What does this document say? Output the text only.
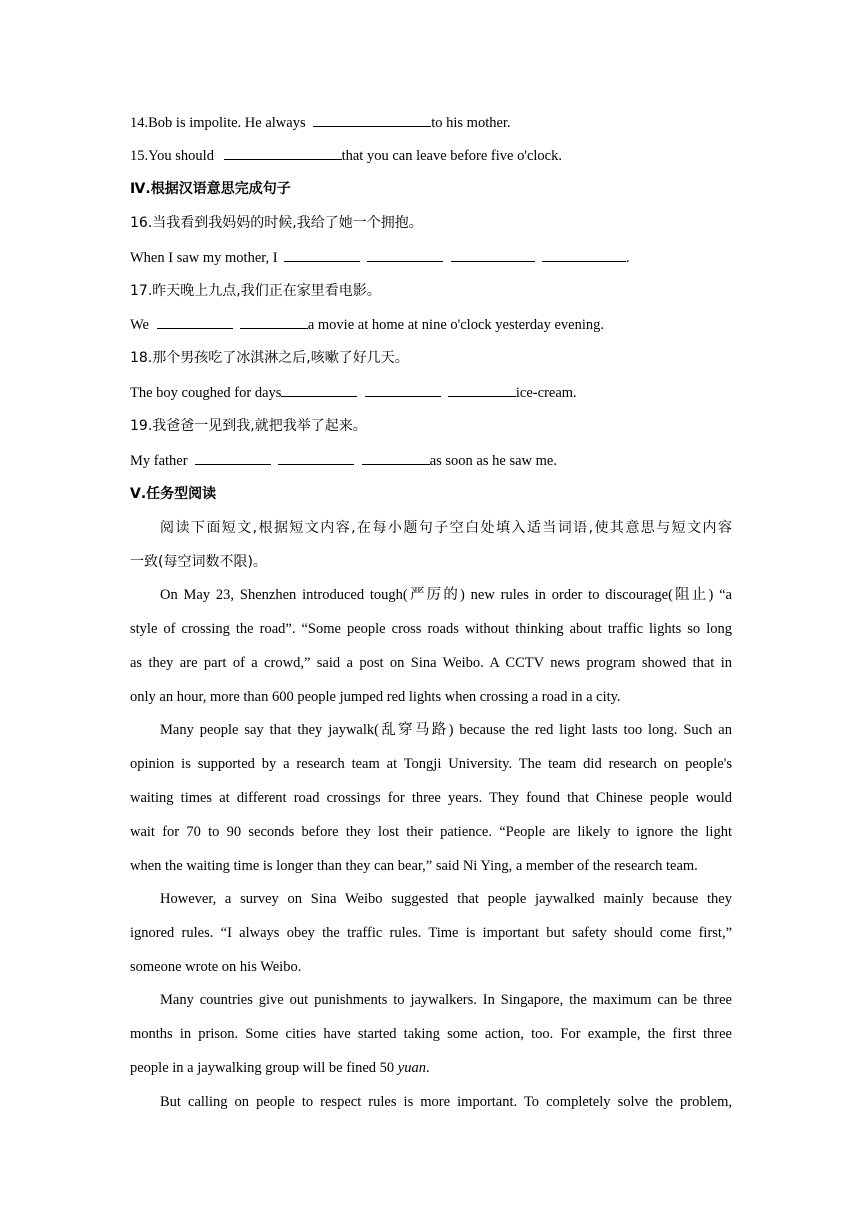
14.Bob is impolite. He always	to his mother.
15.You should	that you can leave before five o'clock.
Ⅳ.根据汉语意思完成句子
16.当我看到我妈妈的时候,我给了她一个拥抱。
When I saw my mother, I	.
17.昨天晚上九点,我们正在家里看电影。
We	a movie at home at nine o'clock yesterday evening.
18.那个男孩吃了冰淇淋之后,咳嗽了好几天。
The boy coughed for days	ice-cream.
19.我爸爸一见到我,就把我举了起来。
My father	as soon as he saw me.
Ⅴ.任务型阅读
阅读下面短文,根据短文内容,在每小题句子空白处填入适当词语,使其意思与短文内容
一致(每空词数不限)。
On May 23, Shenzhen introduced tough(严厉的) new rules in order to discourage(阻止) “a
style of crossing the road”. “Some people cross roads without thinking about traffic lights so long
as they are part of a crowd,” said a post on Sina Weibo. A CCTV news program showed that in
only an hour, more than 600 people jumped red lights when crossing a road in a city.
Many people say that they jaywalk(乱穿马路) because the red light lasts too long. Such an
opinion is supported by a research team at Tongji University. The team did research on people's
waiting times at different road crossings for three years. They found that Chinese people would
wait for 70 to 90 seconds before they lost their patience. “People are likely to ignore the light
when the waiting time is longer than they can bear,” said Ni Ying, a member of the research team.
However, a survey on Sina Weibo suggested that people jaywalked mainly because they
ignored rules. “I always obey the traffic rules. Time is important but safety should come first,”
someone wrote on his Weibo.
Many countries give out punishments to jaywalkers. In Singapore, the maximum can be three
months in prison. Some cities have started taking some action, too. For example, the first three
people in a jaywalking group will be fined 50 yuan.
But calling on people to respect rules is more important. To completely solve the problem,
